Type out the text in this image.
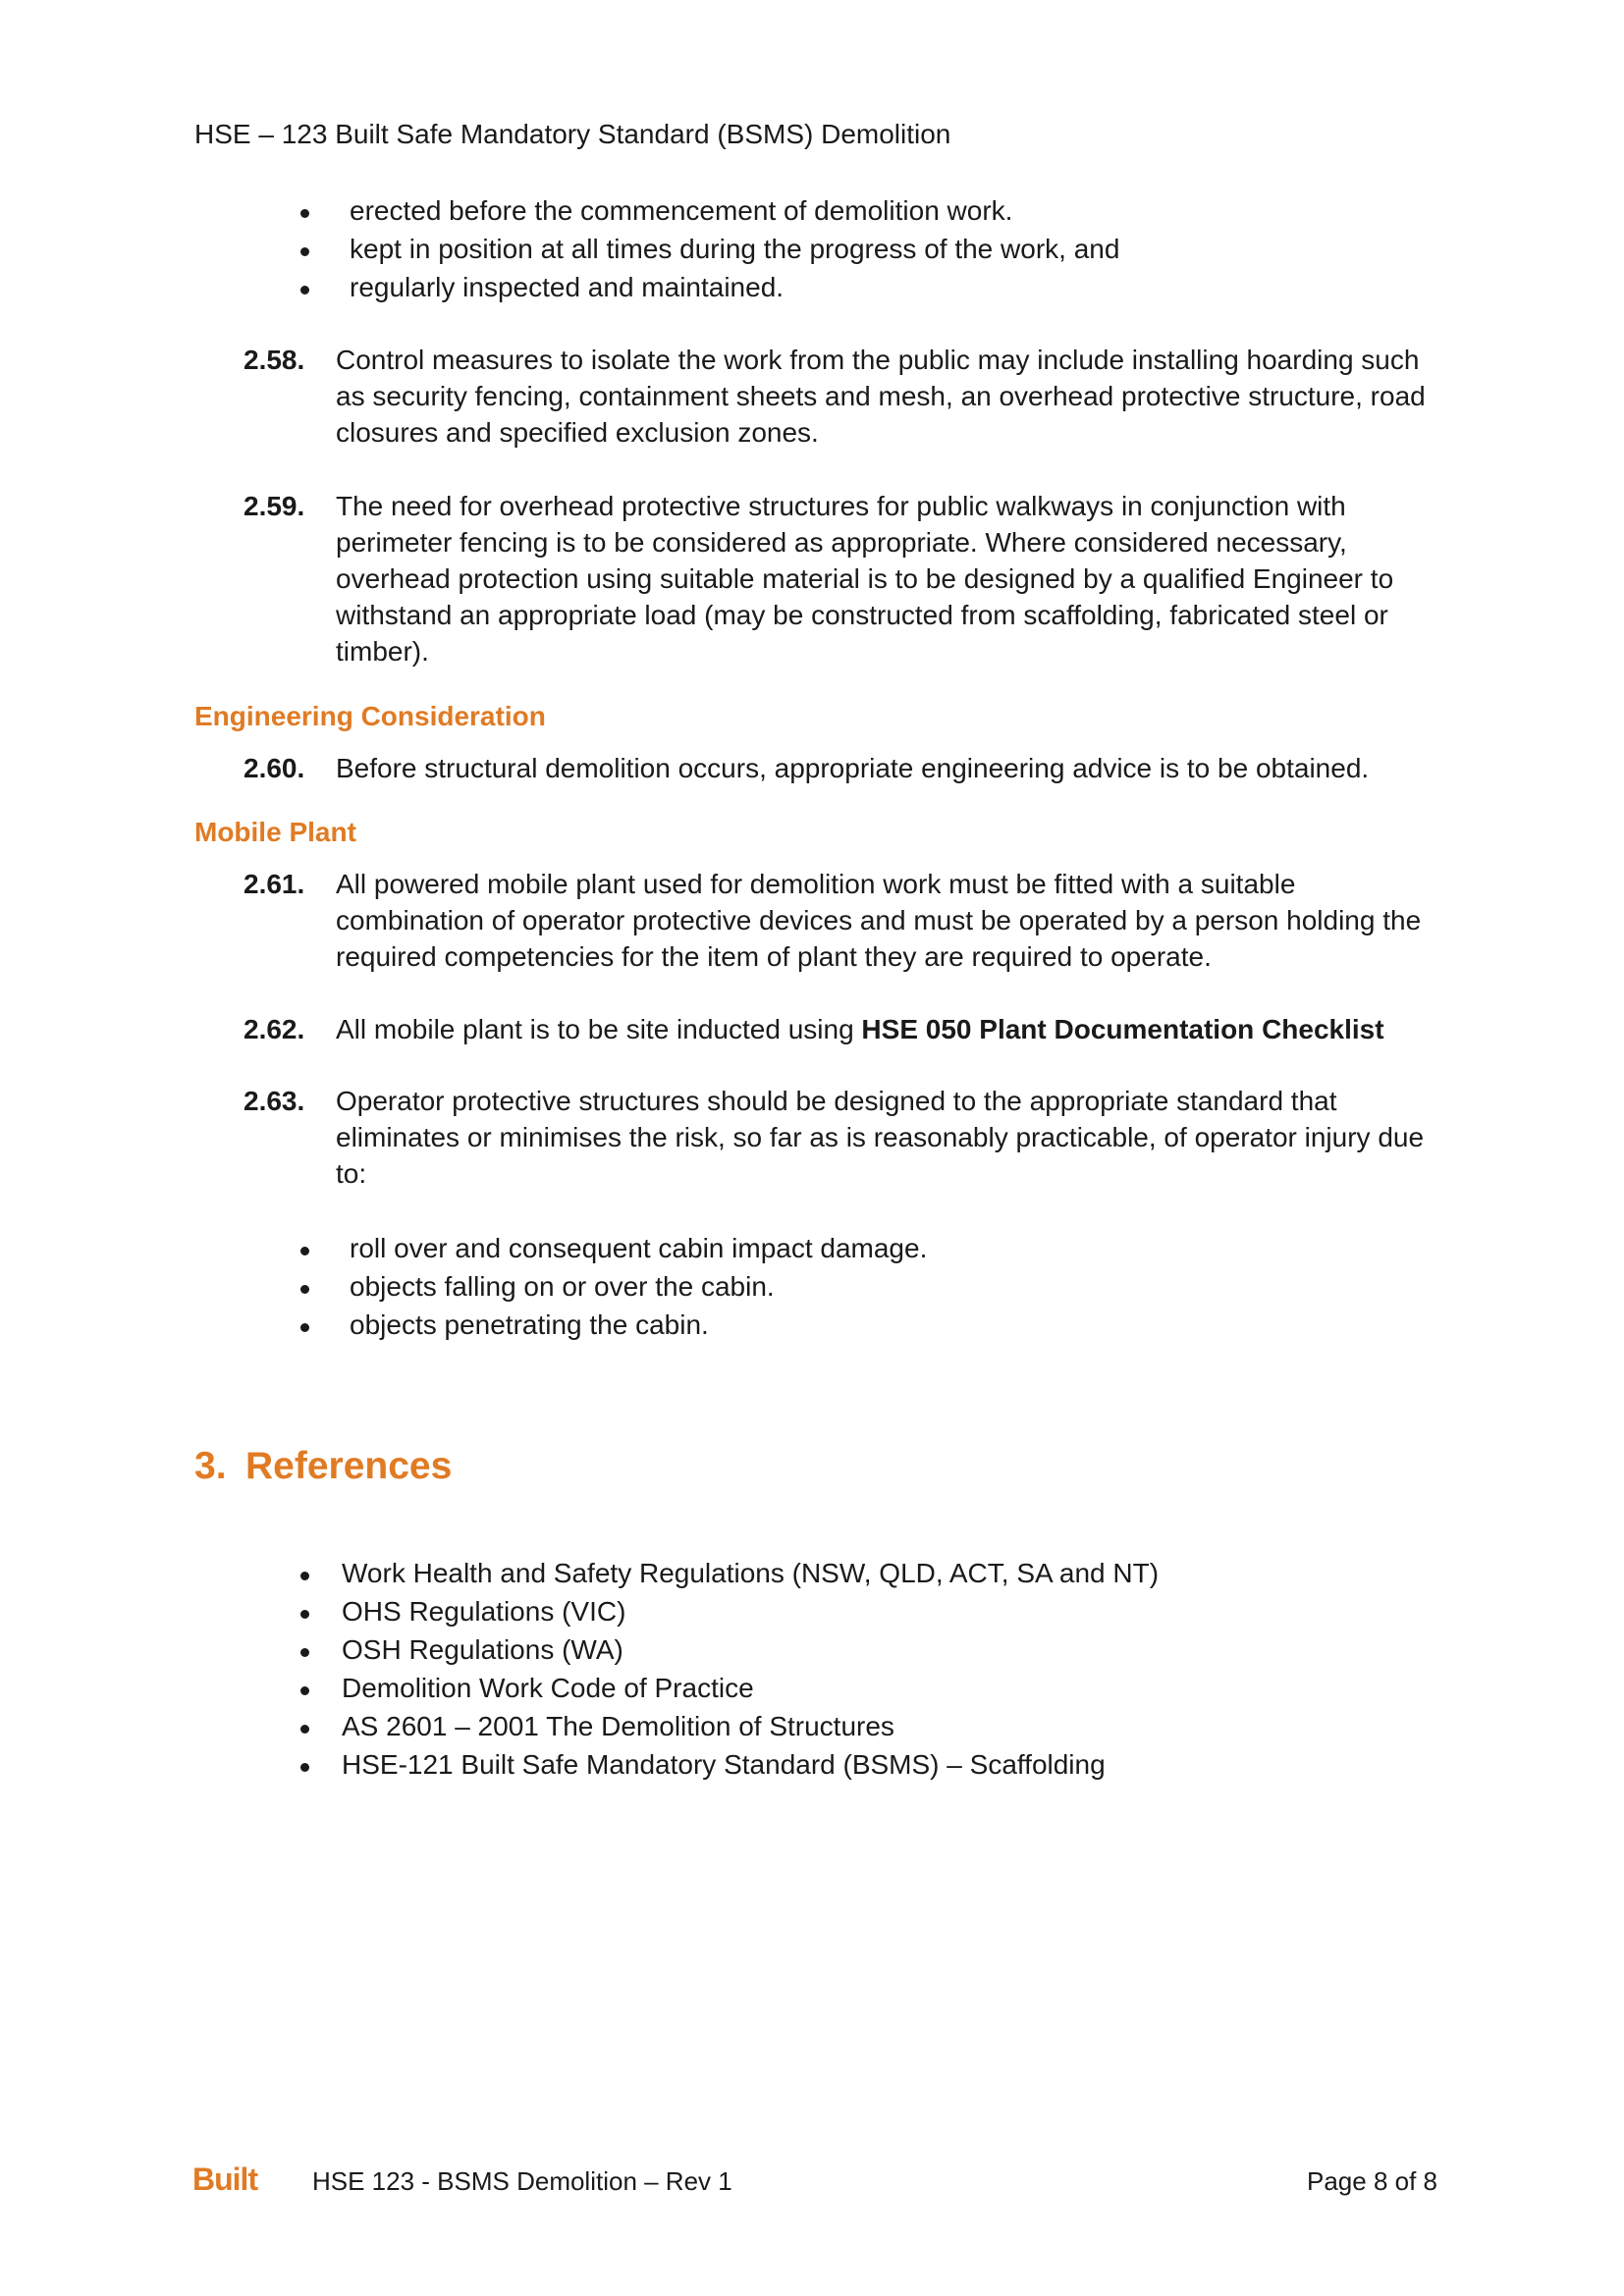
HSE – 123 Built Safe Mandatory Standard (BSMS) Demolition
erected before the commencement of demolition work.
kept in position at all times during the progress of the work, and
regularly inspected and maintained.
2.58. Control measures to isolate the work from the public may include installing hoarding such as security fencing, containment sheets and mesh, an overhead protective structure, road closures and specified exclusion zones.
2.59. The need for overhead protective structures for public walkways in conjunction with perimeter fencing is to be considered as appropriate. Where considered necessary, overhead protection using suitable material is to be designed by a qualified Engineer to withstand an appropriate load (may be constructed from scaffolding, fabricated steel or timber).
Engineering Consideration
2.60. Before structural demolition occurs, appropriate engineering advice is to be obtained.
Mobile Plant
2.61. All powered mobile plant used for demolition work must be fitted with a suitable combination of operator protective devices and must be operated by a person holding the required competencies for the item of plant they are required to operate.
2.62. All mobile plant is to be site inducted using HSE 050 Plant Documentation Checklist
2.63. Operator protective structures should be designed to the appropriate standard that eliminates or minimises the risk, so far as is reasonably practicable, of operator injury due to:
roll over and consequent cabin impact damage.
objects falling on or over the cabin.
objects penetrating the cabin.
3. References
Work Health and Safety Regulations (NSW, QLD, ACT, SA and NT)
OHS Regulations (VIC)
OSH Regulations (WA)
Demolition Work Code of Practice
AS 2601 – 2001 The Demolition of Structures
HSE-121 Built Safe Mandatory Standard (BSMS) – Scaffolding
Built HSE 123 - BSMS Demolition – Rev 1	Page 8 of 8
